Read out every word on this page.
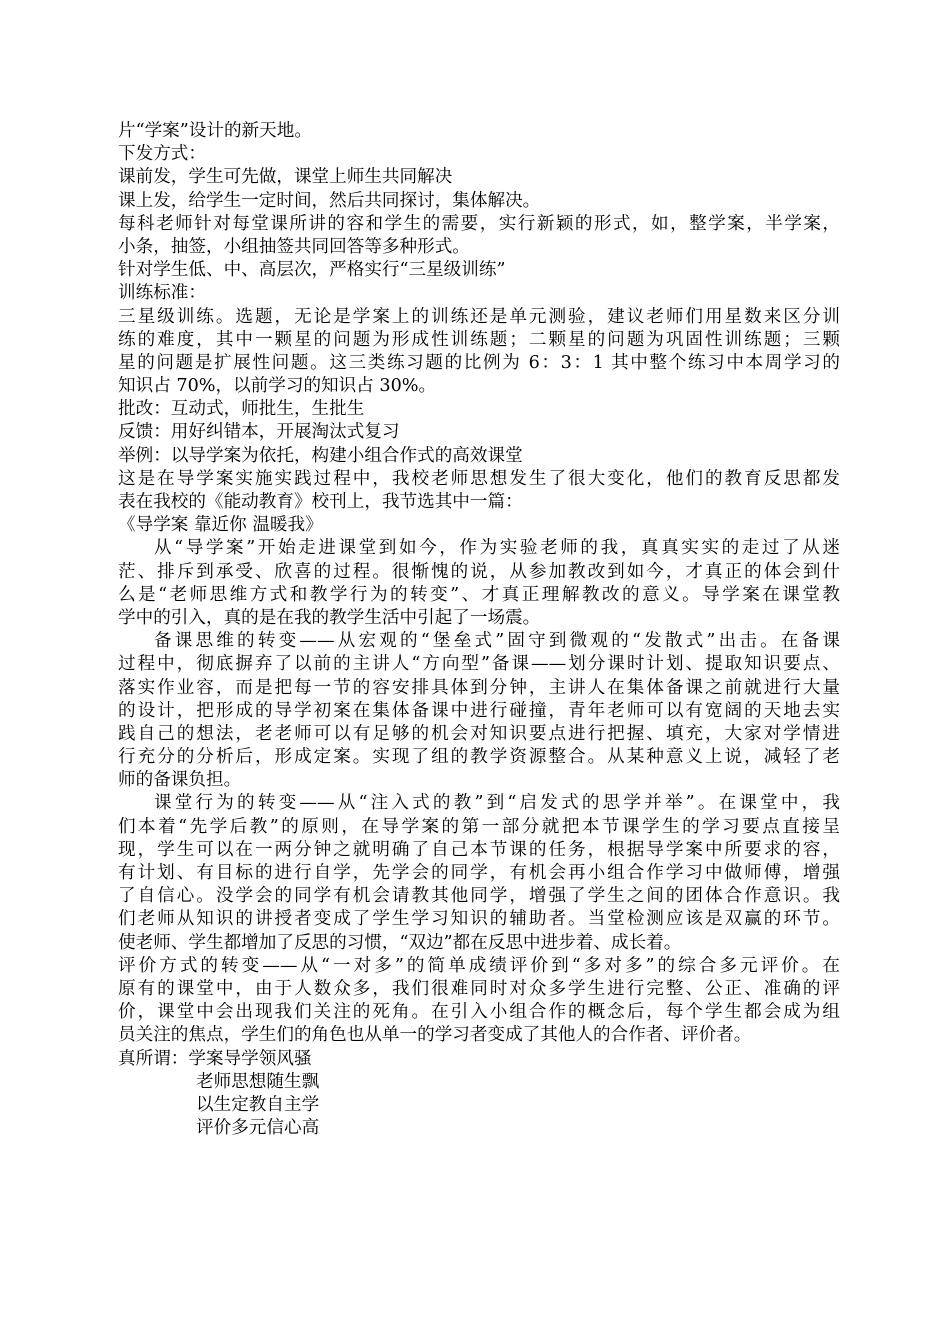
片“学案”设计的新天地。

下发方式：

课前发，学生可先做，课堂上师生共同解决

课上发，给学生一定时间，然后共同探讨，集体解决。

每科老师针对每堂课所讲的容和学生的需要，实行新颖的形式，如，整学案，半学案，

小条，抽签，小组抽签共同回答等多种形式。

针对学生低、中、高层次，严格实行“三星级训练”

训练标准：

三星级训练。选题，无论是学案上的训练还是单元测验，建议老师们用星数来区分训

练的难度，其中一颗星的问题为形成性训练题；二颗星的问题为巩固性训练题；三颗

星的问题是扩展性问题。这三类练习题的比例为 6：3：1 其中整个练习中本周学习的

知识占 70%，以前学习的知识占 30%。

批改：互动式，师批生，生批生

反馈：用好纠错本，开展淘汰式复习

举例：以导学案为依托，构建小组合作式的高效课堂

这是在导学案实施实践过程中，我校老师思想发生了很大变化，他们的教育反思都发

表在我校的《能动教育》校刊上，我节选其中一篇：

《导学案 靠近你 温暖我》

从“导学案”开始走进课堂到如今，作为实验老师的我，真真实实的走过了从迷

茫、排斥到承受、欣喜的过程。很惭愧的说，从参加教改到如今，才真正的体会到什

么是“老师思维方式和教学行为的转变”、才真正理解教改的意义。导学案在课堂教

学中的引入，真的是在我的教学生活中引起了一场震。

备课思维的转变——从宏观的“堡垒式”固守到微观的“发散式”出击。在备课

过程中，彻底摒弃了以前的主讲人“方向型”备课——划分课时计划、提取知识要点、

落实作业容，而是把每一节的容安排具体到分钟，主讲人在集体备课之前就进行大量

的设计，把形成的导学初案在集体备课中进行碰撞，青年老师可以有宽阔的天地去实

践自己的想法，老老师可以有足够的机会对知识要点进行把握、填充，大家对学情进

行充分的分析后，形成定案。实现了组的教学资源整合。从某种意义上说，减轻了老

师的备课负担。

课堂行为的转变——从“注入式的教”到“启发式的思学并举”。在课堂中，我

们本着“先学后教”的原则，在导学案的第一部分就把本节课学生的学习要点直接呈

现，学生可以在一两分钟之就明确了自己本节课的任务，根据导学案中所要求的容，

有计划、有目标的进行自学，先学会的同学，有机会再小组合作学习中做师傅，增强

了自信心。没学会的同学有机会请教其他同学，增强了学生之间的团体合作意识。我

们老师从知识的讲授者变成了学生学习知识的辅助者。当堂检测应该是双赢的环节。

使老师、学生都增加了反思的习惯，“双边”都在反思中进步着、成长着。

评价方式的转变——从“一对多”的简单成绩评价到“多对多”的综合多元评价。在

原有的课堂中，由于人数众多，我们很难同时对众多学生进行完整、公正、准确的评

价，课堂中会出现我们关注的死角。在引入小组合作的概念后，每个学生都会成为组

员关注的焦点，学生们的角色也从单一的学习者变成了其他人的合作者、评价者。

真所谓：学案导学领风骚

老师思想随生飘

以生定教自主学

评价多元信心高
